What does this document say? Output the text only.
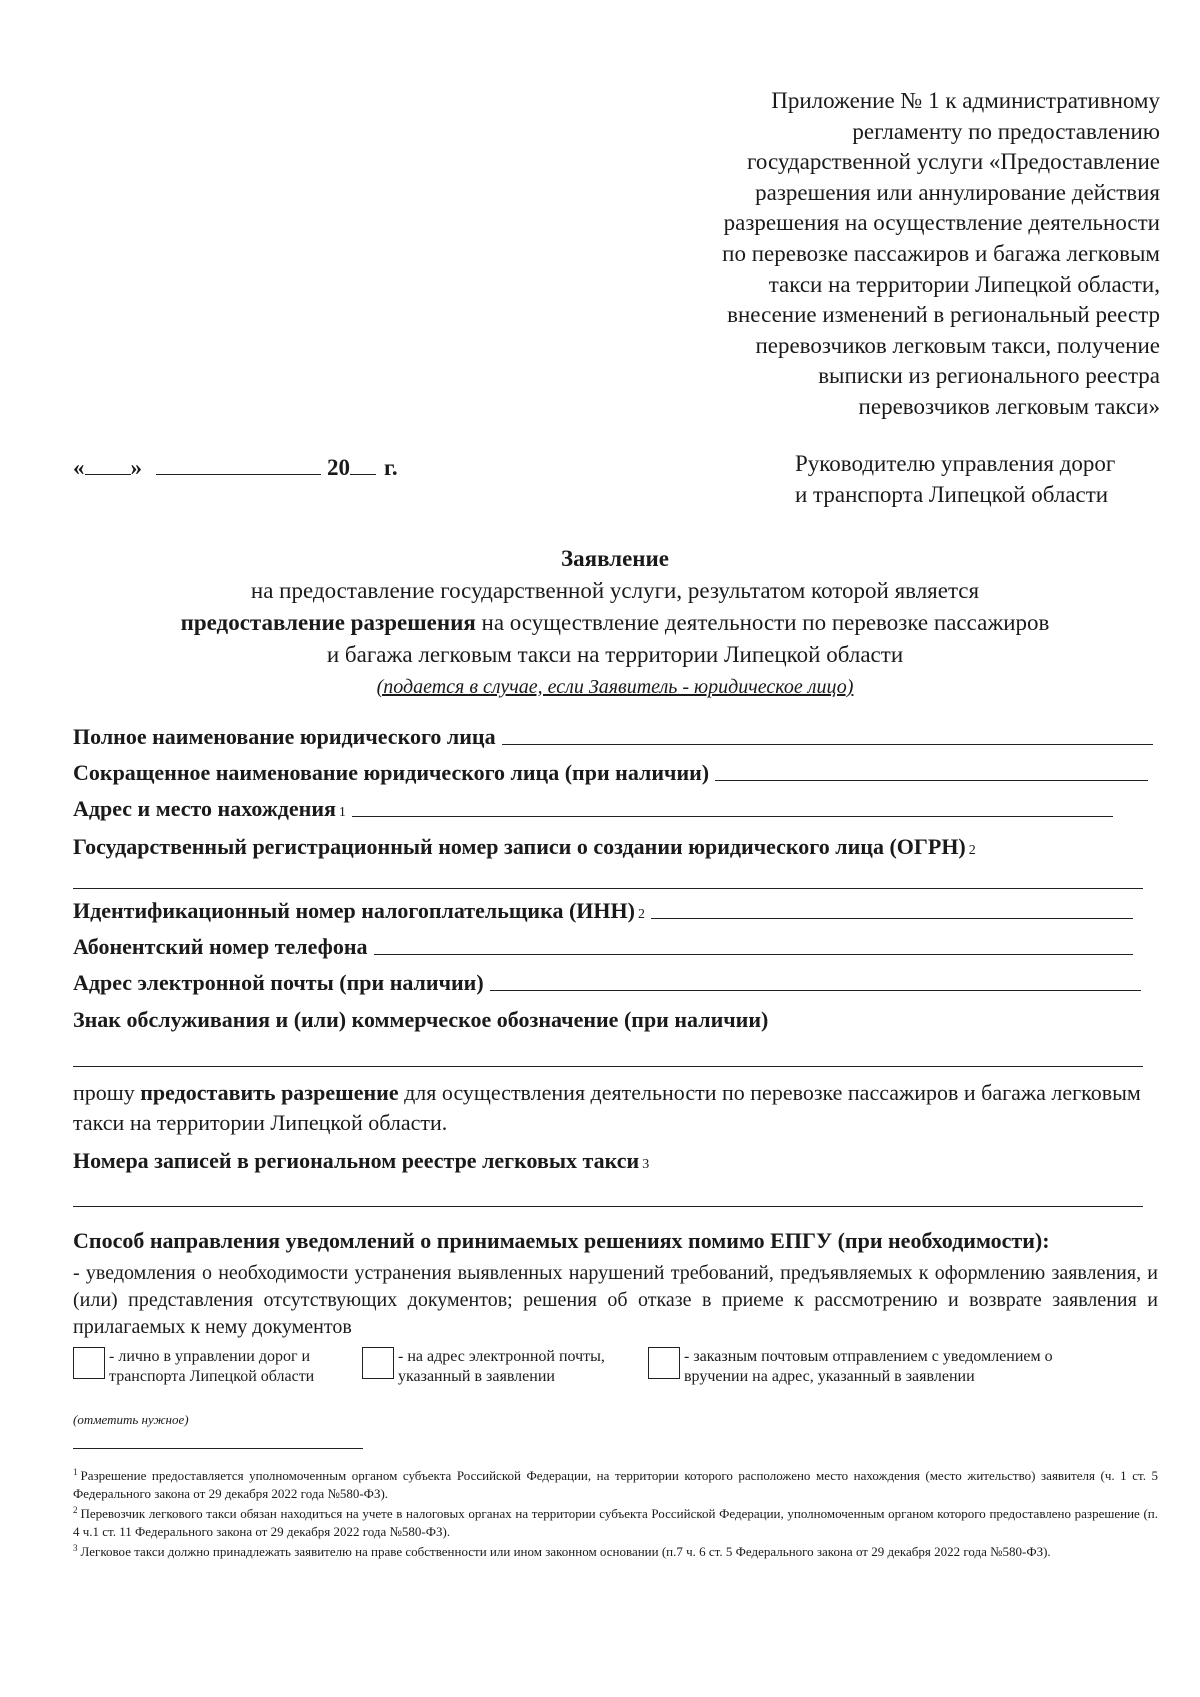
Приложение № 1 к административному
регламенту по предоставлению
государственной услуги «Предоставление
разрешения или аннулирование действия
разрешения на осуществление деятельности
по перевозке пассажиров и багажа легковым
такси на территории Липецкой области,
внесение изменений в региональный реестр
перевозчиков легковым такси, получение
выписки из регионального реестра
перевозчиков легковым такси»
« »	20 г.	Руководителю управления дорог
и транспорта Липецкой области
Заявление
на предоставление государственной услуги, результатом которой является
предоставление разрешения на осуществление деятельности по перевозке пассажиров
и багажа легковым такси на территории Липецкой области
(подается в случае, если Заявитель - юридическое лицо)
Полное наименование юридического лица
Сокращенное наименование юридического лица (при наличии)
Адрес и место нахождения 1
Государственный регистрационный номер записи о создании юридического лица (ОГРН) 2
Идентификационный номер налогоплательщика (ИНН) 2
Абонентский номер телефона
Адрес электронной почты (при наличии)
Знак обслуживания и (или) коммерческое обозначение (при наличии)
прошу предоставить разрешение для осуществления деятельности по перевозке пассажиров и багажа легковым такси на территории Липецкой области.
Номера записей в региональном реестре легковых такси 3
Способ направления уведомлений о принимаемых решениях помимо ЕПГУ (при необходимости):
- уведомления о необходимости устранения выявленных нарушений требований, предъявляемых к оформлению заявления, и (или) представления отсутствующих документов; решения об отказе в приеме к рассмотрению и возврате заявления и прилагаемых к нему документов
- лично в управлении дорог и
транспорта Липецкой области
- на адрес электронной почты,
указанный в заявлении
- заказным почтовым отправлением с уведомлением о
вручении на адрес, указанный в заявлении
(отметить нужное)
$^1$ Разрешение предоставляется уполномоченным органом субъекта Российской Федерации, на территории которого расположено место нахождения (место жительство) заявителя (ч. 1 ст. 5 Федерального закона от 29 декабря 2022 года №580-ФЗ).
$^2$ Перевозчик легкового такси обязан находиться на учете в налоговых органах на территории субъекта Российской Федерации, уполномоченным органом которого предоставлено разрешение (п. 4 ч.1 ст. 11 Федерального закона от 29 декабря 2022 года №580-ФЗ).
$^3$ Легковое такси должно принадлежать заявителю на праве собственности или ином законном основании (п.7 ч. 6 ст. 5 Федерального закона от 29 декабря 2022 года №580-ФЗ).
